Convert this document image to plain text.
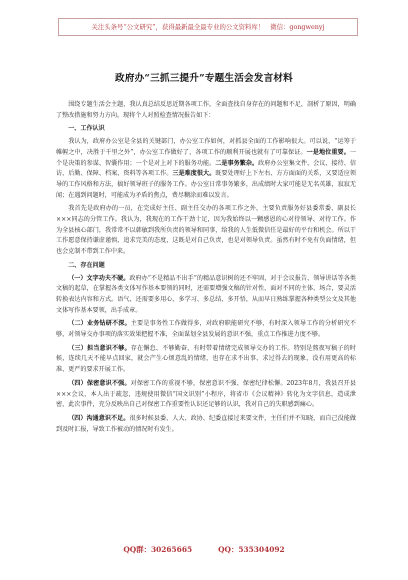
关注头条号“公文研究”，获得最新最全最专业的公文资料库！ 微信：gongwenyj
政府办“三抓三提升”专题生活会发言材料

围绕专题生活会主题，我认真总结反思近期各项工作，全面查找自身存在的问题和不足，剖析了原因，明确了整改措施和努力方向。现将个人对照检查情况报告如下：

一、工作认识

我认为，政府办公室是全县的关键部门，办公室工作如何，对抓县全面的工作影响很大。可以说，“运筹于帷幄之中，决胜于千里之外”，办公室工作做好了，各项工作的顺利开展也就有了可靠保证。一是地位重要。一个是决策的参谋、智囊作用；一个是对上对下的服务功能。二是事务繁杂。政府办公室集文件、会议、接待、信访、后勤、保障、档案、资料等各项工作。三是难度很大。既要处理好上下左右、方方面面的关系，又要适应领导的工作风格和方法，搞好领导班子的服务工作。办公室日常事务繁多，出成绩时大家可能是无名英雄，寂寂无闻；在遇到问题时，可能成为矛盾的焦点，费尽糊涂而难以发言。

我首先是政府办的一员，在完成好主任、副主任交办的各项工作之外，主要负责服务好县委常委、副县长×××同志的分管工作。我认为，我现在的工作干劲十足，因为我始终以一颗感恩的心对待领导、对待工作。作为全县核心部门，我常常不以韩敏到我所负责的领导和同事，给我的人生低微信任是最好的平台和机会。所以干工作愿意保持谦虚谨慎、追求完美的态度，这既是对自己负责，也是对领导负责。虽然有时不免有负面情绪，但也会克制不带到工作中来。

二、存在问题

（一）文字功夫不硬。政府办“不是精品不出手”的精品意识树的还不牢固，对于会议报告、领导讲话等各类文稿的起草，在掌握各类文体写作基本要领的同时，还需要增强文稿的针对性，面对不同的主体、场合，要灵活转换表达内容和方式。语气、还需要多用心、多学习、多总结、多开悟，从而早日熟练掌握各种类型公文及其他文体写作基本要领，出手成章。

（二）业务钻研不深。主要是事务性工作做得多，对政府职能研究不够，有时深入领导工作的分析研究不够，对领导交办事项的落实效果把握不准，全面谋划全县发展的意识不强，重点工作推进力度不够。

（三）担当意识不够。存在懈怠、不够勤奋，有时带着情绪完成领导交办的工作。特别是熬夜写稿子的时候，连续几天不能早点回家，就会产生心烦意乱的情绪，也存在求不出事、求过得去的现象，没有用更高的标准、更严的要求开展工作。

（四）保密意识不强。对保密工作的重视不够，保密意识不强、保密纪律松懈。2023年8月，我县召开县×××会议，本人出于疏忽，违规使用微信“国文识别”小程序，将省市《会议精神》转化为文字信息，造成泄密，此次事件，充分反映出自己对保密工作重要性认识还足够的认识，我对自己的失职感到痛心。

（四）沟通意识不足。很多时候县委、人大、政协、纪委直接过来要文件，主任们并不知晓，而自己没能做到及时汇报，导致工作被动的情况时有发生。

QQ群：30265665	QQ：535304092
